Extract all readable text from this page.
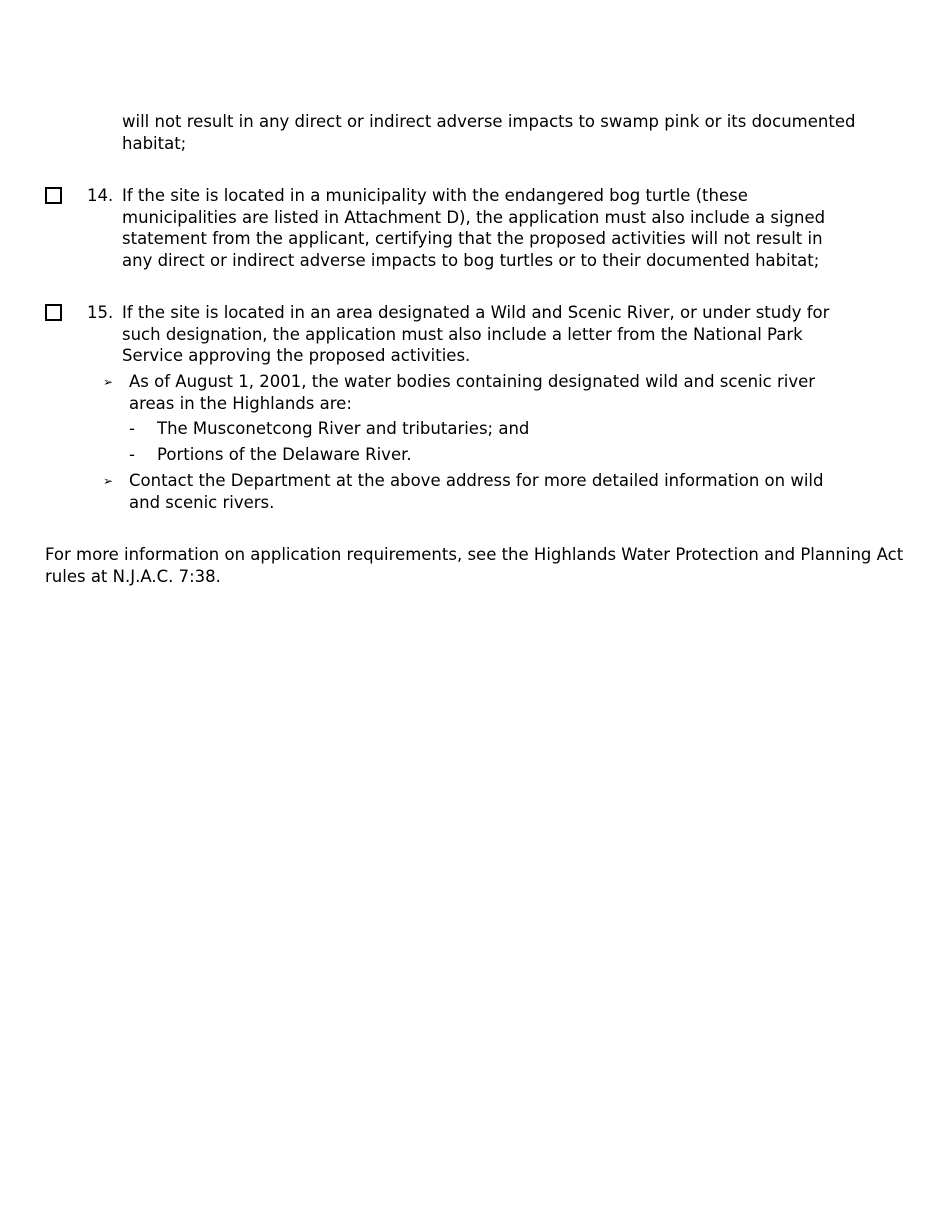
will not result in any direct or indirect adverse impacts to swamp pink or its documented habitat;
14. If the site is located in a municipality with the endangered bog turtle (these municipalities are listed in Attachment D), the application must also include a signed statement from the applicant, certifying that the proposed activities will not result in any direct or indirect adverse impacts to bog turtles or to their documented habitat;
15. If the site is located in an area designated a Wild and Scenic River, or under study for such designation, the application must also include a letter from the National Park Service approving the proposed activities.
➢ As of August 1, 2001, the water bodies containing designated wild and scenic river areas in the Highlands are:
- The Musconetcong River and tributaries; and
- Portions of the Delaware River.
➢ Contact the Department at the above address for more detailed information on wild and scenic rivers.
For more information on application requirements, see the Highlands Water Protection and Planning Act rules at N.J.A.C. 7:38.
